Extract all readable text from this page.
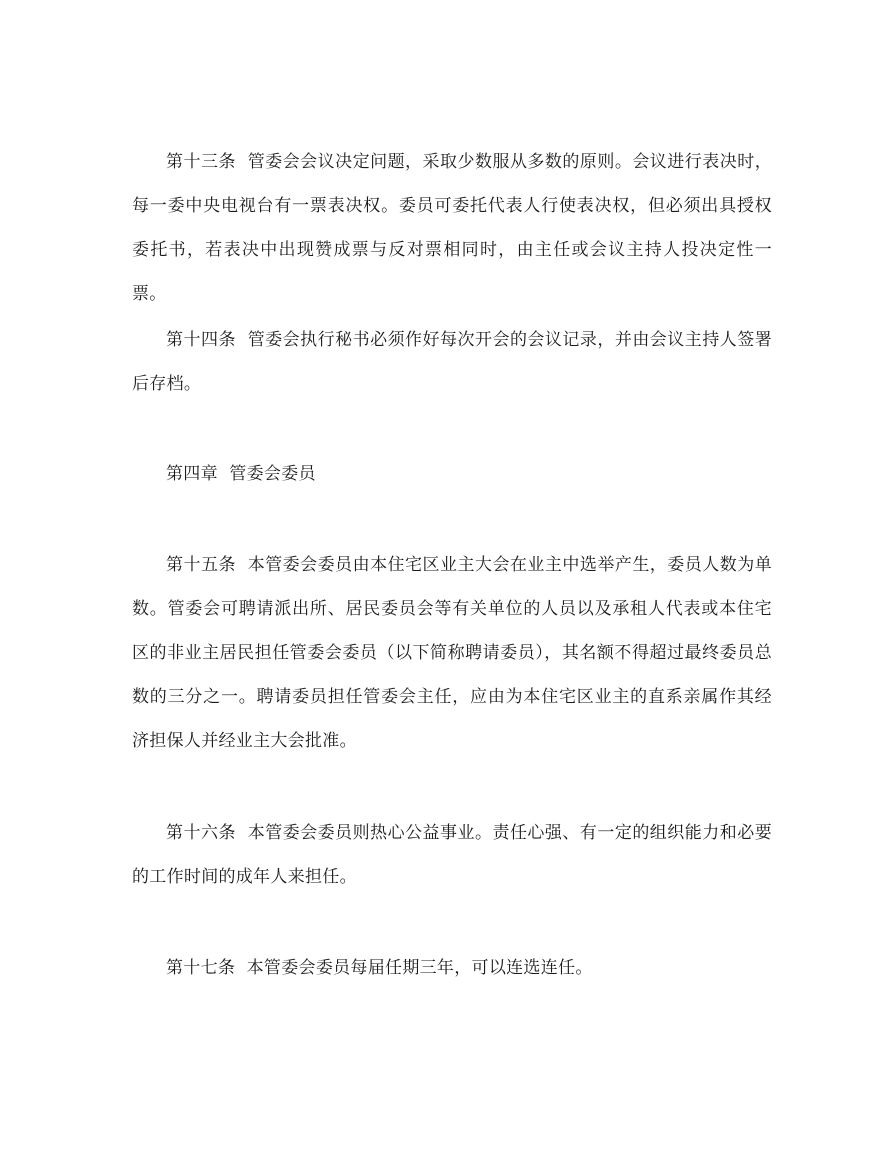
第十三条 管委会会议决定问题，采取少数服从多数的原则。会议进行表决时，每一委中央电视台有一票表决权。委员可委托代表人行使表决权，但必须出具授权委托书，若表决中出现赞成票与反对票相同时，由主任或会议主持人投决定性一票。

第十四条 管委会执行秘书必须作好每次开会的会议记录，并由会议主持人签署后存档。

第四章 管委会委员

第十五条 本管委会委员由本住宅区业主大会在业主中选举产生，委员人数为单数。管委会可聘请派出所、居民委员会等有关单位的人员以及承租人代表或本住宅区的非业主居民担任管委会委员（以下简称聘请委员），其名额不得超过最终委员总数的三分之一。聘请委员担任管委会主任，应由为本住宅区业主的直系亲属作其经济担保人并经业主大会批准。

第十六条 本管委会委员则热心公益事业。责任心强、有一定的组织能力和必要的工作时间的成年人来担任。

第十七条 本管委会委员每届任期三年，可以连选连任。
